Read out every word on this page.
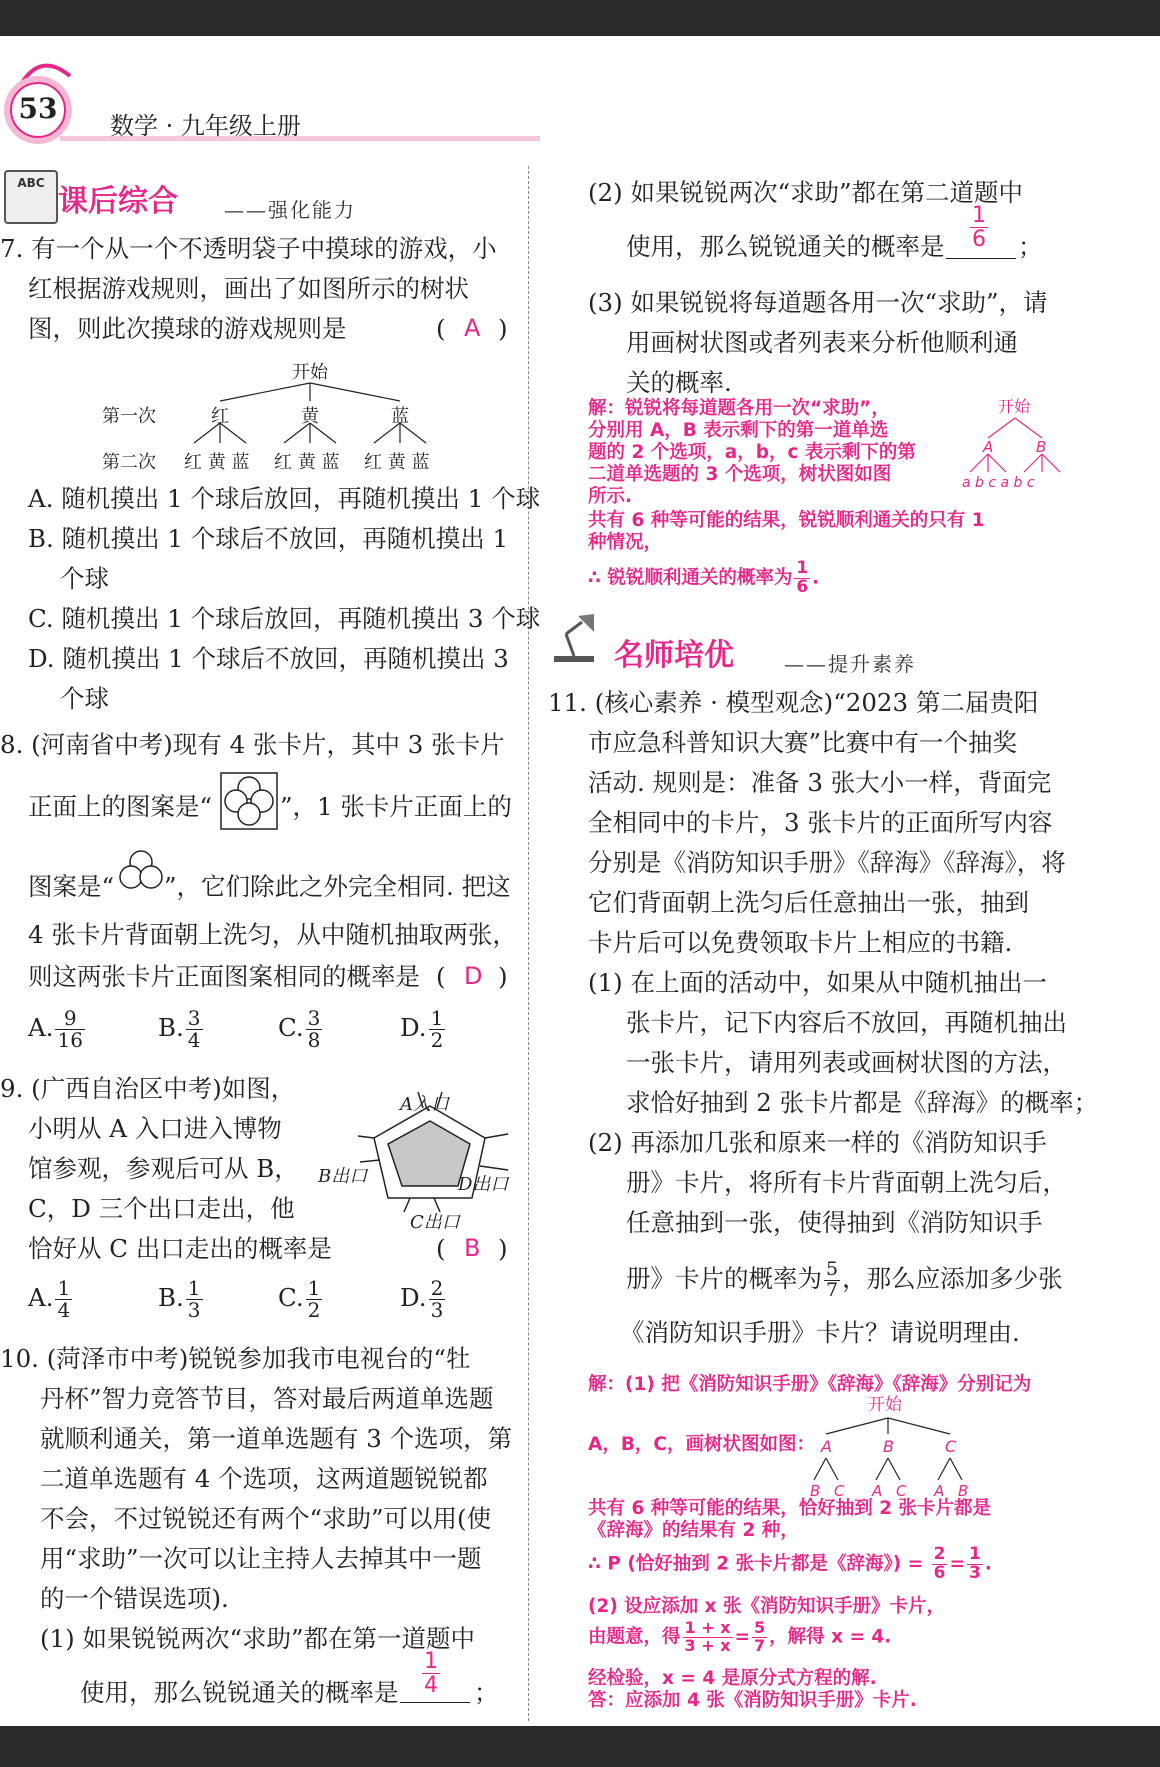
53
数学 · 九年级上册
ABC
课后综合 ——强化能力
7. 有一个从一个不透明袋子中摸球的游戏，小
红根据游戏规则，画出了如图所示的树状
图，则此次摸球的游戏规则是	( A )
开始
第一次	红	黄	蓝
第二次 红 黄 蓝 红 黄 蓝 红 黄 蓝
A. 随机摸出 1 个球后放回，再随机摸出 1 个球
B. 随机摸出 1 个球后不放回，再随机摸出 1
个球
C. 随机摸出 1 个球后放回，再随机摸出 3 个球
D. 随机摸出 1 个球后不放回，再随机摸出 3
个球
8. (河南省中考)现有 4 张卡片，其中 3 张卡片
正面上的图案是“	”，1 张卡片正面上的
图案是“ ”，它们除此之外完全相同. 把这
4 张卡片背面朝上洗匀，从中随机抽取两张，
则这两张卡片正面图案相同的概率是 ( D )
A. $\frac{9}{16}$	B. $\frac{3}{4}$	C. $\frac{3}{8}$	D. $\frac{1}{2}$
9. (广西自治区中考)如图，
小明从 A 入口进入博物
馆参观，参观后可从 B，
C，D 三个出口走出，他
恰好从 C 出口走出的概率是	( B )
A入口
B出口	D出口
C出口
A. $\frac{1}{4}$	B. $\frac{1}{3}$	C. $\frac{1}{2}$	D. $\frac{2}{3}$
10. (菏泽市中考)锐锐参加我市电视台的“牡
丹杯”智力竞答节目，答对最后两道单选题
就顺利通关，第一道单选题有 3 个选项，第
二道单选题有 4 个选项，这两道题锐锐都
不会，不过锐锐还有两个“求助”可以用(使
用“求助”一次可以让主持人去掉其中一题
的一个错误选项).
(1) 如果锐锐两次“求助”都在第一道题中
使用，那么锐锐通关的概率是 $\frac{1}{4}$ ；
(2) 如果锐锐两次“求助”都在第二道题中
使用，那么锐锐通关的概率是 $\frac{1}{6}$ ；
(3) 如果锐锐将每道题各用一次“求助”，请
用画树状图或者列表来分析他顺利通
关的概率.
解：锐锐将每道题各用一次“求助”，
分别用 A，B 表示剩下的第一道单选
题的 2 个选项，a，b，c 表示剩下的第
二道单选题的 3 个选项，树状图如图
所示.
共有 6 种等可能的结果，锐锐顺利通关的只有 1
种情况，
∴ 锐锐顺利通关的概率为 $\frac{1}{6}$ .
开始
A	B
a b c a b c
名师培优	——提升素养
11. (核心素养 · 模型观念)“2023 第二届贵阳
市应急科普知识大赛”比赛中有一个抽奖
活动. 规则是：准备 3 张大小一样，背面完
全相同中的卡片，3 张卡片的正面所写内容
分别是《消防知识手册》《辞海》《辞海》，将
它们背面朝上洗匀后任意抽出一张，抽到
卡片后可以免费领取卡片上相应的书籍.
(1) 在上面的活动中，如果从中随机抽出一
张卡片，记下内容后不放回，再随机抽出
一张卡片，请用列表或画树状图的方法，
求恰好抽到 2 张卡片都是《辞海》的概率；
(2) 再添加几张和原来一样的《消防知识手
册》卡片，将所有卡片背面朝上洗匀后，
任意抽到一张，使得抽到《消防知识手
册》卡片的概率为 $\frac{5}{7}$ ，那么应添加多少张
《消防知识手册》卡片？请说明理由.
解：(1) 把《消防知识手册》《辞海》《辞海》分别记为
开始
A，B，C，画树状图如图： A	B	C
B C A C A B
共有 6 种等可能的结果，恰好抽到 2 张卡片都是
《辞海》的结果有 2 种，
∴ P (恰好抽到 2 张卡片都是《辞海》) = $\frac{2}{6} = \frac{1}{3}$ .
(2) 设应添加 x 张《消防知识手册》卡片，
由题意，得 $\frac{1 + x}{3 + x} = \frac{5}{7}$ ，解得 x = 4.
经检验，x = 4 是原分式方程的解.
答：应添加 4 张《消防知识手册》卡片.
